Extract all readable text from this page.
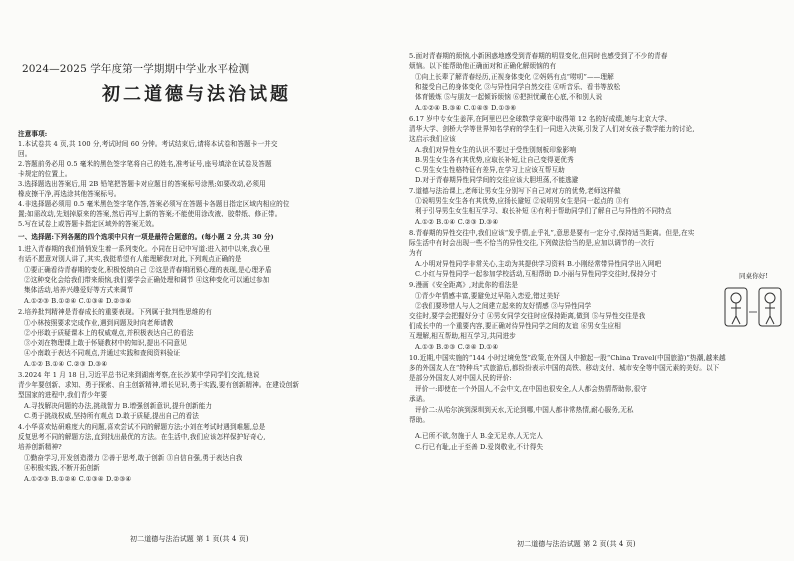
2024—2025 学年度第一学期期中学业水平检测
初二道德与法治试题
注意事项:
1.本试卷共 4 页,共 100 分,考试时间 60 分钟。考试结束后,请将本试卷和答题卡一并交
回。
2.答题前务必用 0.5 毫米的黑色签字笔将自己的姓名,准考证号,座号填涂在试卷及答题
卡规定的位置上。
3.选择题选出答案后,用 2B 铅笔把答题卡对应题目的答案标号涂黑;如要改动,必须用
橡皮擦干净,再选涂其他答案标号。
4.非选择题必须用 0.5 毫米黑色签字笔作答,答案必须写在答题卡各题目指定区域内相应的位
置;如需改动,先划掉原来的答案,然后再写上新的答案;不能使用涂改液、胶带纸、修正带。
5.写在试卷上或答题卡指定区域外的答案无效。
一、选择题:下列各题的四个选项中只有一项是最符合题意的。(每小题 2 分,共 30 分)
1.进入青春期的我们悄悄发生着一系列变化。小同在日记中写道:进入初中以来,我心里
有话不愿意对别人讲了,其实,我挺希望有人能理解我!对此,下列观点正确的是
①要正确看待青春期的变化,积极悦纳自己 ②这是青春期闭锁心理的表现,是心理矛盾
②这种变化会给我们带来烦恼,我们要学会正确处理和调节 ④这种变化可以通过参加
集体活动,培养兴趣爱好等方式来调节
A.①②③ B.①②④ C.①③④ D.②③④
2.培养批判精神是青春成长的重要表现。下列属于批判性思维的有
①小林按照要求完成作业,遇到问题及时向老师请教
②小形敢于质疑课本上的权威观点,并积极表达自己的看法
③小刘在物理课上敢于怀疑教材中的知识,提出不同意见
④小南敢于表达不同观点,并通过实践和查阅资料验证
A.①② B.①④ C.②③ D.③④
3.2024 年 1 月 18 日,习近平总书记来到湖南考察,在长沙某中学同学们交流,他说
青少年要创新、求知、勇于探索、自主创新精神,增长见识,勇于实践,要有创新精神。在建设创新
型国家的进程中,我们青少年要
A.寻找解决问题的办法,挑战智力 B.增强创新意识,提升创新能力
C.勇于挑战权威,坚持所有观点 D.敢于质疑,提出自己的看法
4.小华喜欢钻研难度大的问题,喜欢尝试不同的解题方法;小刘在考试时遇到难题,总是
反复思考不同的解题方法,直到找出最优的方法。在生活中,我们应该怎样保护好奇心,
培养创新精神?
①勤奋学习,开发创造潜力 ②善于思考,敢于创新 ③自信自强,勇于表达自我
④积极实践,不断开拓创新
A.①②③ B.①②④ C.①③④ D.②③④
初二道德与法治试题 第 1 页(共 4 页)
5.面对青春期的烦恼,小新困惑地感受到青春期的明显变化,但同时也感受到了不少的青春
烦恼。以下能帮助他正确面对和正确化解烦恼的有
①向上长辈了解青春经历,正视身体变化 ②妈妈有点“唠叨”——理解
和接受自己的身体变化 ③与异性同学自然交往 ④听音乐、看书等放松
体育锻炼 ⑤与朋友一起倾诉烦恼 ⑥把担忧藏在心底,不和别人说
A.①②④ B.③④ C.①④⑤ D.①③⑥
6.17 岁中专女生姜萍,在阿里巴巴全球数学竞赛中取得第 12 名的好成绩,她与北京大学、
清华大学、剑桥大学等世界知名学府的学生们一同进入决赛,引发了人们对女孩子数学能力的讨论,
这启示我们应该
A.我们对异性女生的认识不要过于受性别刻板印象影响
B.男生女生各有其优势,应取长补短,让自己变得更优秀
C.男生女生性格特征有差异,在学习上应该互帮互助
D.对于青春期异性同学间的交往应该大胆坦荡,不能逃避
7.道德与法治课上,老师让男女生分别写下自己对对方的优势,老师这样做
①说明男生女生各有其优势,应扬长避短 ②说明男女生是同一起点的 ③有
利于引导男生女生相互学习、取长补短 ④有利于帮助同学们了解自己与异性的不同特点
A.①② B.①④ C.②③ D.③④
8.青春期的异性交往中,我们应该“发乎情,止乎礼”,意思是要有一定分寸,保持适当距离。但是,在实
际生活中有时会出现一些不恰当的异性交往,下列做法恰当的是,应加以调节的一次行
为有
A.小明对异性同学非常关心,主动为其提供学习资料 B.小刚经常带异性同学出入网吧
C.小红与异性同学一起参加学校活动,互相帮助 D.小丽与异性同学交往时,保持分寸
9.漫画《安全距离》,对此你的看法是
①青少年情感丰富,要避免过早陷入恋爱,错过美好
②我们要珍惜人与人之间建立起来的友好情感 ③与异性同学
交往时,要学会把握好分寸 ④男女同学交往时应保持距离,做到 ⑤与异性交往是我
们成长中的一个重要内容,要正确对待异性同学之间的友谊 ⑥男女生应相
互理解,相互帮助,相互学习,共同进步
A.①③ B.②③ C.②④ D.①④
10.近期,中国实施的“144 小时过境免签”政策,在外国人中掀起一股“China Travel(中国旅游)”热潮,越来越
多的外国友人在“特种兵”式旅游后,都纷纷表示中国的高铁、移动支付、城市安全等中国元素的美好。以下
是部分外国友人对中国人民的评价:
评价一:即使在一个外国人,不会中文,在中国也很安全,人人都会热情帮助你,很守
承诺。
评价二:从哈尔滨到深圳到天水,无论到哪,中国人都非常热情,耐心服务,无私
帮助。
A.已所不欲,勿施于人 B.金无足赤,人无完人
C.行已有耻,止于至善 D.爱岗敬业,不计得失
同桌你好!
初二道德与法治试题 第 2 页(共 4 页)
